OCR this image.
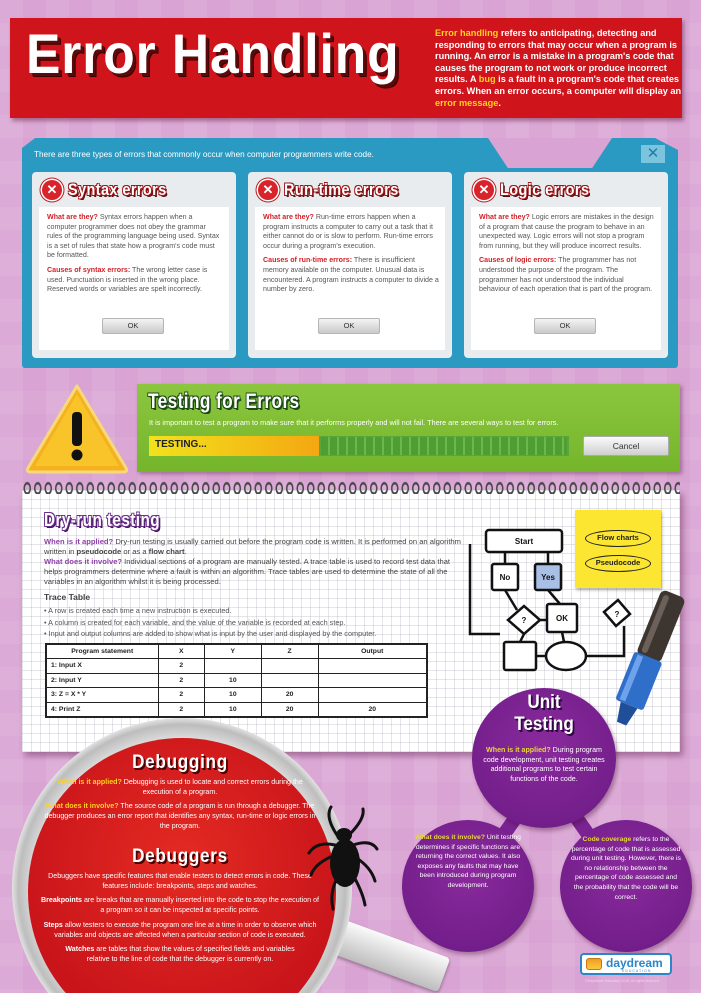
Error Handling	Error handling refers to anticipating, detecting and responding to errors that may occur when a program is running. An error is a mistake in a program's code that causes the program to not work or produce incorrect results. A bug is a fault in a program's code that creates errors. When an error occurs, a computer will display an error message.
There are three types of errors that commonly occur when computer programmers write code.	✕
✕ Syntax errors

What are they? Syntax errors happen when a computer programmer does not obey the grammar rules of the programming language being used. Syntax is a set of rules that state how a program's code must be formatted.

Causes of syntax errors: The wrong letter case is used. Punctuation is inserted in the wrong place. Reserved words or variables are spelt incorrectly.

OK
✕ Run-time errors

What are they? Run-time errors happen when a program instructs a computer to carry out a task that it either cannot do or is slow to perform. Run-time errors occur during a program's execution.

Causes of run-time errors: There is insufficient memory available on the computer. Unusual data is encountered. A program instructs a computer to divide a number by zero.

OK
✕ Logic errors

What are they? Logic errors are mistakes in the design of a program that cause the program to behave in an unexpected way. Logic errors will not stop a program from running, but they will produce incorrect results.

Causes of logic errors: The programmer has not understood the purpose of the program. The programmer has not understood the individual behaviour of each operation that is part of the program.

OK
Testing for Errors
It is important to test a program to make sure that it performs properly and will not fail. There are several ways to test for errors.
TESTING...	Cancel
Dry-run testing
When is it applied? Dry-run testing is usually carried out before the program code is written. It is performed on an algorithm written in pseudocode or as a flow chart.
What does it involve? Individual sections of a program are manually tested. A trace table is used to record test data that helps programmers determine where a fault is within an algorithm. Trace tables are used to determine the state of all the variables in an algorithm whilst it is being processed.
Trace Table
• A row is created each time a new instruction is executed.
• A column is created for each variable, and the value of the variable is recorded at each step.
• Input and output columns are added to show what is input by the user and displayed by the computer.
Program statement	X	Y	Z	Output
1: Input X	2			
2: Input Y	2	10		
3: Z = X * Y	2	10	20	
4: Print Z	2	10	20	20
Start
No	Yes
?	OK	?
Flow charts
Pseudocode
Debugging

When is it applied? Debugging is used to locate and correct errors during the execution of a program.

What does it involve? The source code of a program is run through a debugger. The debugger produces an error report that identifies any syntax, run-time or logic errors in the program.

Debuggers

Debuggers have specific features that enable testers to detect errors in code. These features include: breakpoints, steps and watches.

Breakpoints are breaks that are manually inserted into the code to stop the execution of a program so it can be inspected at specific points.

Steps allow testers to execute the program one line at a time in order to observe which variables and objects are affected when a particular section of code is executed.

Watches are tables that show the values of specified fields and variables relative to the line of code that the debugger is currently on.

Unit
Testing
When is it applied? During program code development, unit testing creates additional programs to test certain functions of the code.
What does it involve? Unit testing determines if specific functions are returning the correct values. It also exposes any faults that may have been introduced during program development.
Code coverage refers to the percentage of code that is assessed during unit testing. However, there is no relationship between the percentage of code assessed and the probability that the code will be correct.
daydream
EDUCATION
©Daydream Education 2018. All rights reserved.
